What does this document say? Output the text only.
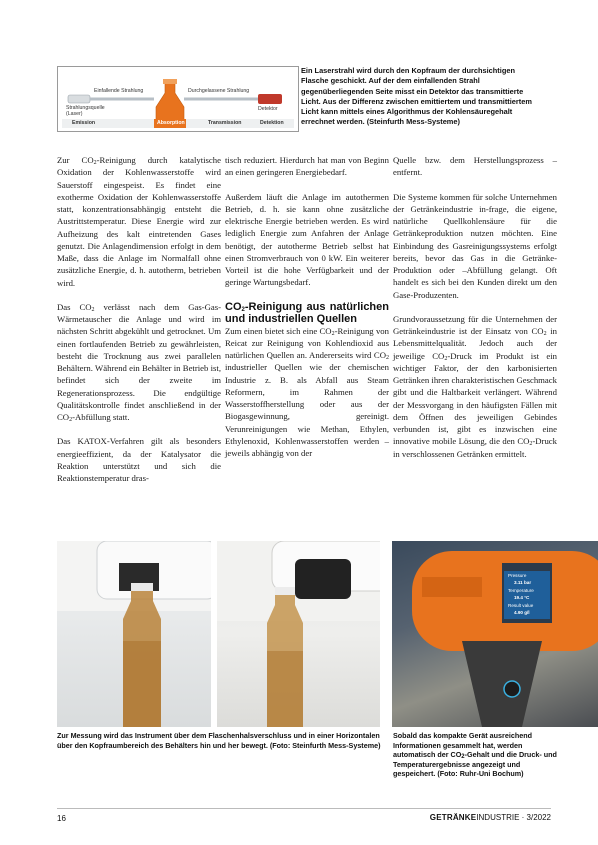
Einfallende Strahlung	Durchgelassene Strahlung
Strahlungsquelle
(Laser)
Detektor
Emission	Absorption	Transmission	Detektion
Ein Laserstrahl wird durch den Kopfraum der durchsichtigen Flasche geschickt. Auf der dem einfallenden Strahl gegenüberliegenden Seite misst ein Detektor das transmittierte Licht. Aus der Differenz zwischen emittiertem und transmittiertem Licht kann mittels eines Algorithmus der Kohlensäuregehalt errechnet werden. (Steinfurth Mess-Systeme)

Zur $CO_2$-Reinigung durch katalytische Oxidation der Kohlenwasserstoffe wird Sauerstoff eingespeist. Es findet eine exotherme Oxidation der Kohlenwasserstoffe statt, konzentrationsabhängig entsteht die Austrittstemperatur. Diese Energie wird zur Aufheizung des kalt eintretenden Gases genutzt. Die Anlagendimension erfolgt in dem Maße, dass die Anlage im Normalfall ohne zusätzliche Energie, d. h. autotherm, betrieben wird.

Das $CO_2$ verlässt nach dem Gas-Gas-Wärmetauscher die Anlage und wird im nächsten Schritt abgekühlt und getrocknet. Um einen fortlaufenden Betrieb zu gewährleisten, besteht die Trocknung aus zwei parallelen Behältern. Während ein Behälter in Betrieb ist, befindet sich der zweite im Regenerationsprozess. Die endgültige Qualitätskontrolle findet anschließend in der $CO_2$-Abfüllung statt.

Das KATOX-Verfahren gilt als besonders energieeffizient, da der Katalysator die Reaktion unterstützt und sich die Reaktionstemperatur dras-

tisch reduziert. Hierdurch hat man von Beginn an einen geringeren Energiebedarf.

Außerdem läuft die Anlage im autothermen Betrieb, d. h. sie kann ohne zusätzliche elektrische Energie betrieben werden. Es wird lediglich Energie zum Anfahren der Anlage benötigt, der autotherme Betrieb selbst hat einen Stromverbrauch von 0 kW. Ein weiterer Vorteil ist die hohe Verfügbarkeit und der geringe Wartungsbedarf.

$CO_2$-Reinigung aus natürlichen und industriellen Quellen

Zum einen bietet sich eine $CO_2$-Reinigung von Reicat zur Reinigung von Kohlendioxid aus natürlichen Quellen an. Andererseits wird $CO_2$ industrieller Quellen wie der chemischen Industrie z. B. als Abfall aus Steam Reformern, im Rahmen der Wasserstoffherstellung oder aus der Biogasgewinnung, gereinigt. Verunreinigungen wie Methan, Ethylen, Ethylenoxid, Kohlenwasserstoffen werden – jeweils abhängig von der

Quelle bzw. dem Herstellungsprozess – entfernt.

Die Systeme kommen für solche Unternehmen der Getränkeindustrie in-frage, die eigene, natürliche Quellkohlensäure für die Getränkeproduktion nutzen möchten. Eine Einbindung des Gasreinigungssystems erfolgt bereits, bevor das Gas in die Getränke-Produktion oder –Abfüllung gelangt. Oft handelt es sich bei den Kunden direkt um den Gase-Produzenten.

Grundvoraussetzung für die Unternehmen der Getränkeindustrie ist der Einsatz von $CO_2$ in Lebensmittelqualität. Jedoch auch der jeweilige $CO_2$-Druck im Produkt ist ein wichtiger Faktor, der den karbonisierten Getränken ihren charakteristischen Geschmack gibt und die Haltbarkeit verlängert. Während der Messvorgang in den häufigsten Fällen mit dem Öffnen des jeweiligen Gebindes verbunden ist, gibt es inzwischen eine innovative mobile Lösung, die den $CO_2$-Druck in verschlossenen Getränken ermittelt.

Pressure
3.11 bar
Temperature
19.4 °C
Result value
4.90 g/l
Zur Messung wird das Instrument über dem Flaschenhalsverschluss und in einer Horizontalen über den Kopfraumbereich des Behälters hin und her bewegt. (Foto: Steinfurth Mess-Systeme)
Sobald das kompakte Gerät ausreichend Informationen gesammelt hat, werden automatisch der $CO_2$-Gehalt und die Druck- und Temperaturergebnisse angezeigt und gespeichert. (Foto: Ruhr-Uni Bochum)
16	GETRÄNKEINDUSTRIE · 3/2022
